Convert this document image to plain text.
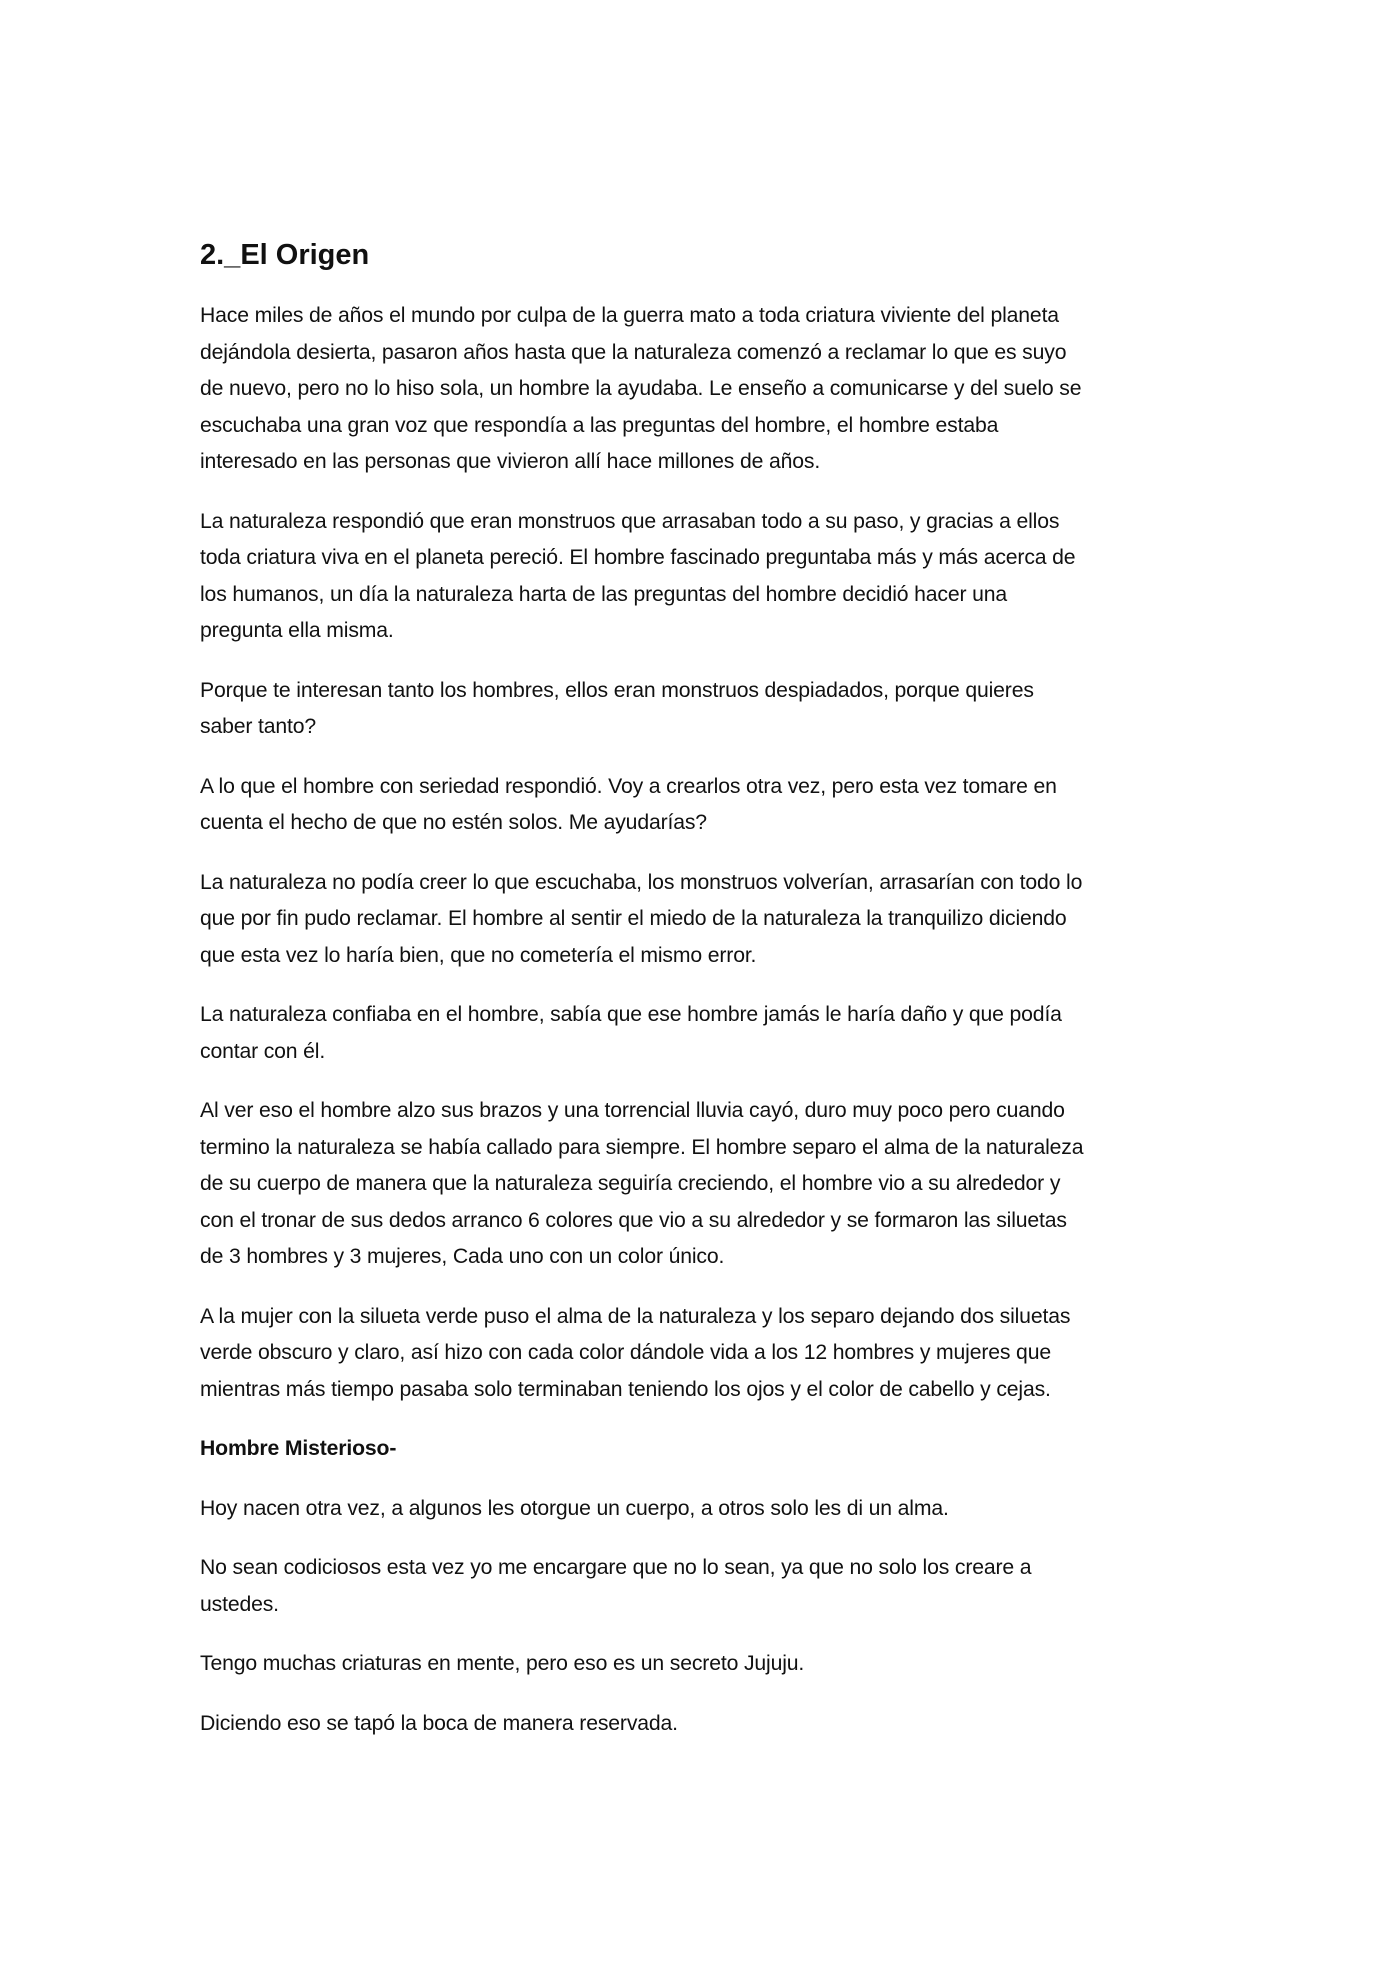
2._El Origen
Hace miles de años el mundo por culpa de la guerra mato a toda criatura viviente del planeta
dejándola desierta, pasaron años hasta que la naturaleza comenzó a reclamar lo que es suyo
de nuevo, pero no lo hiso sola, un hombre la ayudaba. Le enseño a comunicarse y del suelo se
escuchaba una gran voz que respondía a las preguntas del hombre, el hombre estaba
interesado en las personas que vivieron allí hace millones de años.
La naturaleza respondió que eran monstruos que arrasaban todo a su paso, y gracias a ellos
toda criatura viva en el planeta pereció. El hombre fascinado preguntaba más y más acerca de
los humanos, un día la naturaleza harta de las preguntas del hombre decidió hacer una
pregunta ella misma.
Porque te interesan tanto los hombres, ellos eran monstruos despiadados, porque quieres
saber tanto?
A lo que el hombre con seriedad respondió. Voy a crearlos otra vez, pero esta vez tomare en
cuenta el hecho de que no estén solos. Me ayudarías?
La naturaleza no podía creer lo que escuchaba, los monstruos volverían, arrasarían con todo lo
que por fin pudo reclamar. El hombre al sentir el miedo de la naturaleza la tranquilizo diciendo
que esta vez lo haría bien, que no cometería el mismo error.
La naturaleza confiaba en el hombre, sabía que ese hombre jamás le haría daño y que podía
contar con él.
Al ver eso el hombre alzo sus brazos y una torrencial lluvia cayó, duro muy poco pero cuando
termino la naturaleza se había callado para siempre. El hombre separo el alma de la naturaleza
de su cuerpo de manera que la naturaleza seguiría creciendo, el hombre vio a su alrededor y
con el tronar de sus dedos arranco 6 colores que vio a su alrededor y se formaron las siluetas
de 3 hombres y 3 mujeres, Cada uno con un color único.
A la mujer con la silueta verde puso el alma de la naturaleza y los separo dejando dos siluetas
verde obscuro y claro, así hizo con cada color dándole vida a los 12 hombres y mujeres que
mientras más tiempo pasaba solo terminaban teniendo los ojos y el color de cabello y cejas.
Hombre Misterioso-
Hoy nacen otra vez, a algunos les otorgue un cuerpo, a otros solo les di un alma.
No sean codiciosos esta vez yo me encargare que no lo sean, ya que no solo los creare a
ustedes.
Tengo muchas criaturas en mente, pero eso es un secreto Jujuju.
Diciendo eso se tapó la boca de manera reservada.
